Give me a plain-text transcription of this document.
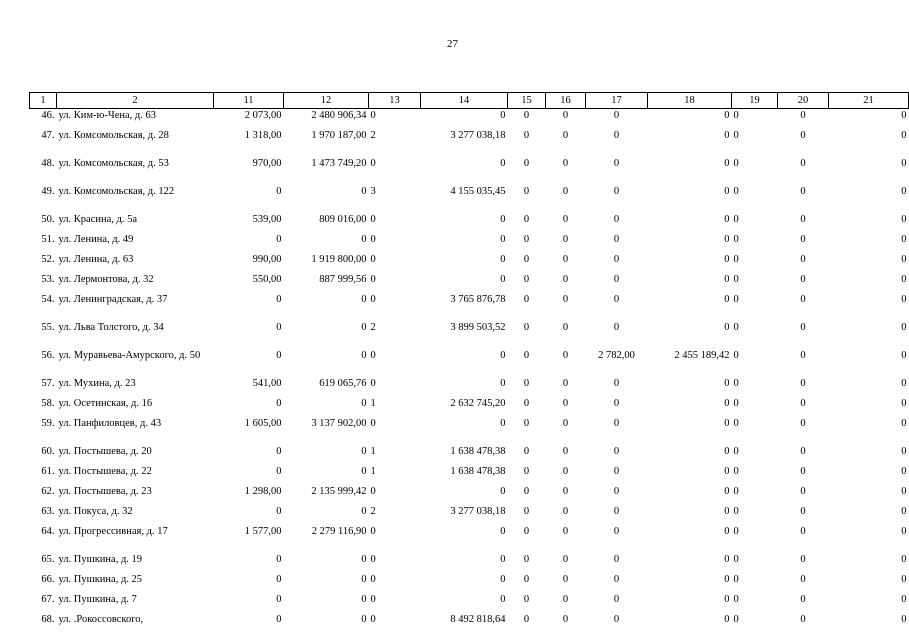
27
1	2	11	12	13	14	15	16	17	18	19	20	21
46.	ул. Ким-ю-Чена, д. 63	2 073,00	2 480 906,34	0	0	0	0	0	0	0	0	0
47.	ул. Комсомольская, д. 28	1 318,00	1 970 187,00	2	3 277 038,18	0	0	0	0	0	0	0
48.	ул. Комсомольская, д. 53	970,00	1 473 749,20	0	0	0	0	0	0	0	0	0
49.	ул. Комсомольская, д. 122	0	0	3	4 155 035,45	0	0	0	0	0	0	0
50.	ул. Красина, д. 5а	539,00	809 016,00	0	0	0	0	0	0	0	0	0
51.	ул. Ленина, д. 49	0	0	0	0	0	0	0	0	0	0	0
52.	ул. Ленина, д. 63	990,00	1 919 800,00	0	0	0	0	0	0	0	0	0
53.	ул. Лермонтова, д. 32	550,00	887 999,56	0	0	0	0	0	0	0	0	0
54.	ул. Ленинградская, д. 37	0	0	0	3 765 876,78	0	0	0	0	0	0	0
55.	ул. Льва Толстого, д. 34	0	0	2	3 899 503,52	0	0	0	0	0	0	0
56.	ул. Муравьева-Амурского, д. 50	0	0	0	0	0	0	2 782,00	2 455 189,42	0	0	0
57.	ул. Мухина, д. 23	541,00	619 065,76	0	0	0	0	0	0	0	0	0
58.	ул. Осетинская, д. 16	0	0	1	2 632 745,20	0	0	0	0	0	0	0
59.	ул. Панфиловцев, д. 43	1 605,00	3 137 902,00	0	0	0	0	0	0	0	0	0
60.	ул. Постышева, д. 20	0	0	1	1 638 478,38	0	0	0	0	0	0	0
61.	ул. Постышева, д. 22	0	0	1	1 638 478,38	0	0	0	0	0	0	0
62.	ул. Постышева, д. 23	1 298,00	2 135 999,42	0	0	0	0	0	0	0	0	0
63.	ул. Покуса, д. 32	0	0	2	3 277 038,18	0	0	0	0	0	0	0
64.	ул. Прогрессивная, д. 17	1 577,00	2 279 116,90	0	0	0	0	0	0	0	0	0
65.	ул. Пушкина, д. 19	0	0	0	0	0	0	0	0	0	0	0
66.	ул. Пушкина, д. 25	0	0	0	0	0	0	0	0	0	0	0
67.	ул. Пушкина, д. 7	0	0	0	0	0	0	0	0	0	0	0
68.	ул. .Рокоссовского,	0	0	0	8 492 818,64	0	0	0	0	0	0	0
